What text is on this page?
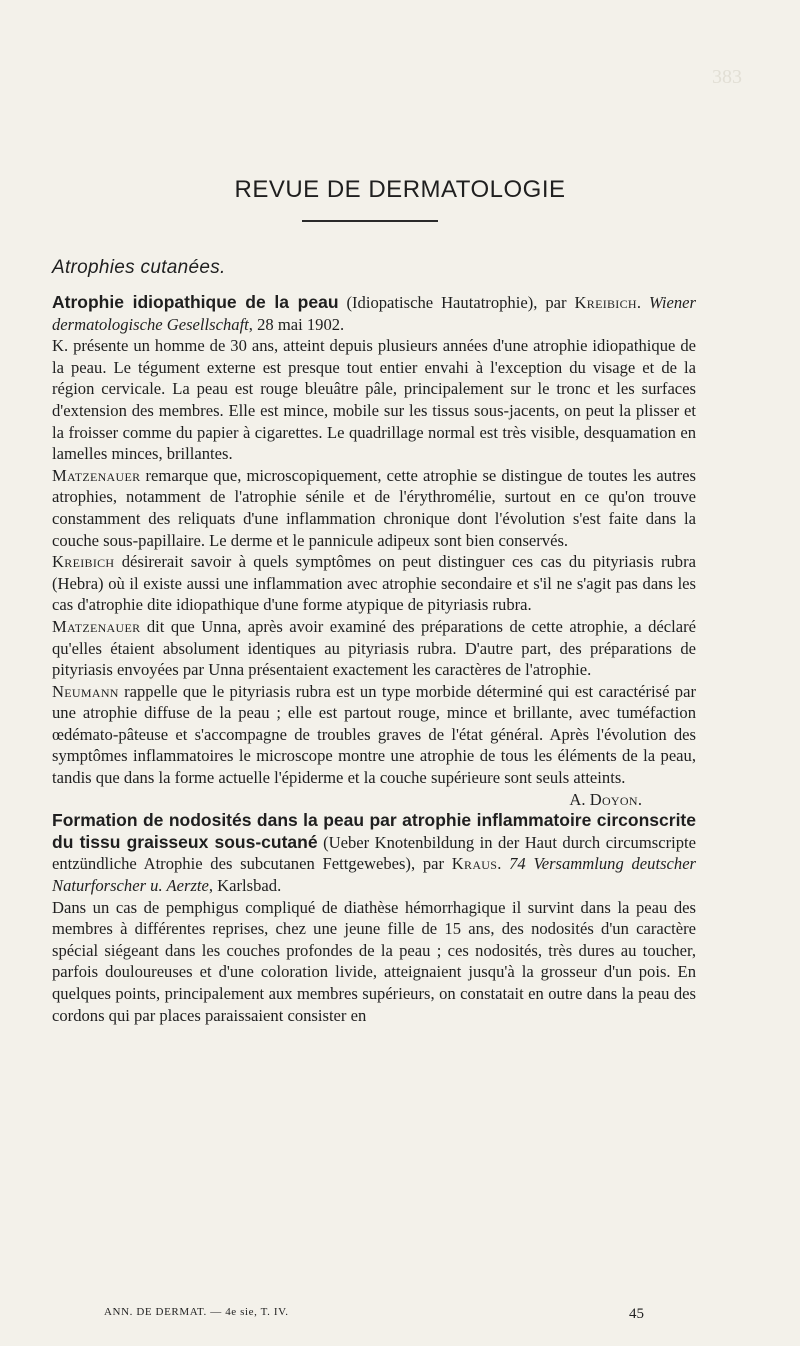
383
REVUE DE DERMATOLOGIE
Atrophies cutanées.

Atrophie idiopathique de la peau (Idiopatische Hautatrophie), par Kreibich. Wiener dermatologische Gesellschaft, 28 mai 1902.

K. présente un homme de 30 ans, atteint depuis plusieurs années d'une atrophie idiopathique de la peau. Le tégument externe est presque tout entier envahi à l'exception du visage et de la région cervicale. La peau est rouge bleuâtre pâle, principalement sur le tronc et les surfaces d'extension des membres. Elle est mince, mobile sur les tissus sous-jacents, on peut la plisser et la froisser comme du papier à cigarettes. Le quadrillage normal est très visible, desquamation en lamelles minces, brillantes.

Matzenauer remarque que, microscopiquement, cette atrophie se distingue de toutes les autres atrophies, notamment de l'atrophie sénile et de l'érythromélie, surtout en ce qu'on trouve constamment des reliquats d'une inflammation chronique dont l'évolution s'est faite dans la couche sous-papillaire. Le derme et le pannicule adipeux sont bien conservés.

Kreibich désirerait savoir à quels symptômes on peut distinguer ces cas du pityriasis rubra (Hebra) où il existe aussi une inflammation avec atrophie secondaire et s'il ne s'agit pas dans les cas d'atrophie dite idiopathique d'une forme atypique de pityriasis rubra.

Matzenauer dit que Unna, après avoir examiné des préparations de cette atrophie, a déclaré qu'elles étaient absolument identiques au pityriasis rubra. D'autre part, des préparations de pityriasis envoyées par Unna présentaient exactement les caractères de l'atrophie.

Neumann rappelle que le pityriasis rubra est un type morbide déterminé qui est caractérisé par une atrophie diffuse de la peau ; elle est partout rouge, mince et brillante, avec tuméfaction œdémato-pâteuse et s'accompagne de troubles graves de l'état général. Après l'évolution des symptômes inflammatoires le microscope montre une atrophie de tous les éléments de la peau, tandis que dans la forme actuelle l'épiderme et la couche supérieure sont seuls atteints.

A. Doyon.

Formation de nodosités dans la peau par atrophie inflammatoire circonscrite du tissu graisseux sous-cutané (Ueber Knotenbildung in der Haut durch circumscripte entzündliche Atrophie des subcutanen Fettgewebes), par Kraus. 74 Versammlung deutscher Naturforscher u. Aerzte, Karlsbad.

Dans un cas de pemphigus compliqué de diathèse hémorrhagique il survint dans la peau des membres à différentes reprises, chez une jeune fille de 15 ans, des nodosités d'un caractère spécial siégeant dans les couches profondes de la peau ; ces nodosités, très dures au toucher, parfois douloureuses et d'une coloration livide, atteignaient jusqu'à la grosseur d'un pois. En quelques points, principalement aux membres supérieurs, on constatait en outre dans la peau des cordons qui par places paraissaient consister en

ANN. DE DERMAT. — 4e sie, T. IV.	45
